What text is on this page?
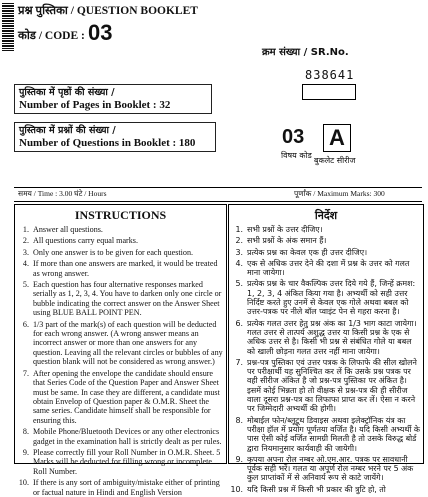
प्रश्न पुस्तिका / QUESTION BOOKLET
कोड / CODE : 03
क्रम संख्या / SR.No.
838641
पुस्तिका में पृष्ठों की संख्या /
Number of Pages in Booklet : 32
पुस्तिका में प्रश्नों की संख्या /
Number of Questions in Booklet : 180	03
विषय कोड
A
बुकलेट सीरीज
समय / Time : 3.00 घंटे / Hours	पूर्णांक / Maximum Marks: 300
INSTRUCTIONS
1. Answer all questions.
2. All questions carry equal marks.
3. Only one answer is to be given for each question.
4. If more than one answers are marked, it would be treated as wrong answer.
5. Each question has four alternative responses marked serially as 1, 2, 3, 4. You have to darken only one circle or bubble indicating the correct answer on the Answer Sheet using BLUE BALL POINT PEN.
6. 1/3 part of the mark(s) of each question will be deducted for each wrong answer. (A wrong answer means an incorrect answer or more than one answers for any question. Leaving all the relevant circles or bubbles of any question blank will not be considered as wrong answer.)
7. After opening the envelope the candidate should ensure that Series Code of the Question Paper and Answer Sheet must be same. In case they are different, a candidate must obtain Envelop of Question paper & O.M.R. Sheet the same series. Candidate himself shall be responsible for ensuring this.
8. Mobile Phone/Bluetooth Devices or any other electronics gadget in the examination hall is strictly dealt as per rules.
9. Please correctly fill your Roll Number in O.M.R. Sheet. 5 Marks will be deducted for filling wrong or incomplete Roll Number.
10. If there is any sort of ambiguity/mistake either of printing or factual nature in Hindi and English Version
निर्देश
1. सभी प्रश्नों के उत्तर दीजिए।
2. सभी प्रश्नों के अंक समान हैं।
3. प्रत्येक प्रश्न का केवल एक ही उत्तर दीजिए।
4. एक से अधिक उत्तर देने की दशा में प्रश्न के उत्तर को गलत माना जायेगा।
5. प्रत्येक प्रश्न के चार वैकल्पिक उत्तर दिये गये हैं, जिन्हें क्रमश: 1, 2, 3, 4 अंकित किया गया है। अभ्यर्थी को सही उत्तर निर्दिष्ट करते हुए उनमें से केवल एक गोले अथवा बबल को उत्तर-पत्रक पर नीले बॉल प्वाइंट पेन से गहरा करना है।
6. प्रत्येक गलत उत्तर हेतु प्रश्न अंक का 1/3 भाग काटा जायेगा। गलत उत्तर से तात्पर्य अशुद्ध उत्तर या किसी प्रश्न के एक से अधिक उत्तर से है। किसी भी प्रश्न से संबंधित गोले या बबल को खाली छोड़ना गलत उत्तर नहीं माना जायेगा।
7. प्रश्न-पत्र पुस्तिका एवं उत्तर पत्रक के लिफाफे की सील खोलने पर परीक्षार्थी यह सुनिश्चित कर लें कि उसके प्रश्न पत्रक पर वही सीरीज अंकित है जो प्रश्न-पत्र पुस्तिका पर अंकित है। इसमें कोई भिन्नता हो तो वीक्षक से प्रश्न-पत्र की ही सीरीज वाला दूसरा प्रश्न-पत्र का लिफाफा प्राप्त कर लें। ऐसा न करने पर जिम्मेदारी अभ्यर्थी की होगी।
8. मोबाईल फोन/ब्लूटूथ डिवाइस अथवा इलेक्ट्रॉनिक यंत्र का परीक्षा हॉल में प्रयोग पूर्णतया वर्जित है। यदि किसी अभ्यर्थी के पास ऐसी कोई वर्जित सामग्री मिलती है तो उसके विरुद्ध बोर्ड द्वारा नियमानुसार कार्यवाही की जायेगी।
9. कृपया अपना रोल नम्बर ओ.एम.आर. पत्रक पर सावधानी पूर्वक सही भरें। गलत या अपूर्ण रोल नम्बर भरने पर 5 अंक कुल प्राप्तांकों में से अनिवार्य रूप से काटे जायेंगे।
10. यदि किसी प्रश्न में किसी भी प्रकार की त्रुटि हो, तो
